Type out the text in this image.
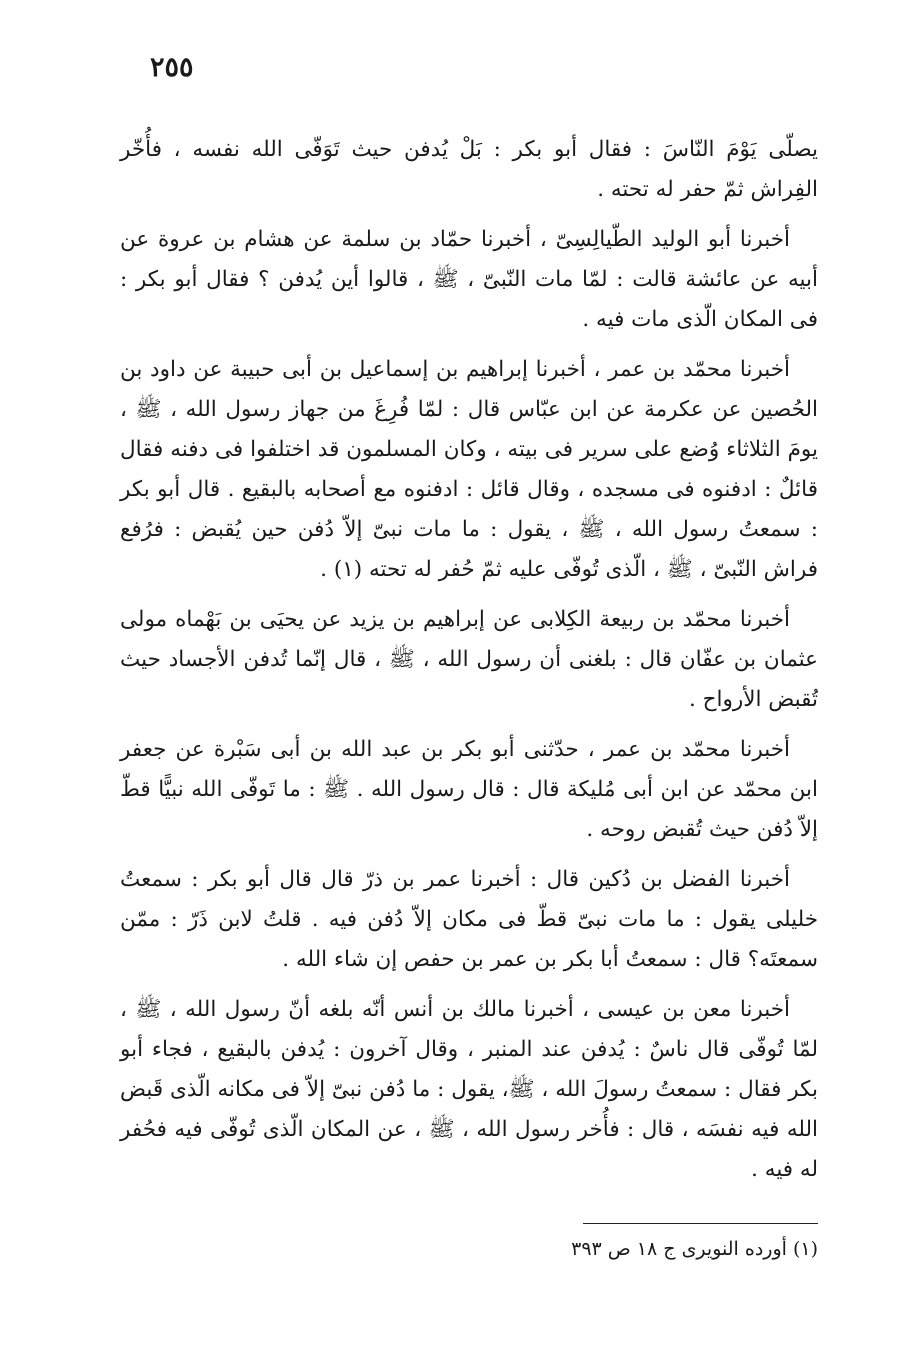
٢٥٥

يصلّى يَوْمَ النّاسَ : فقال أبو بكر : بَلْ يُدفن حيث تَوَفّى الله نفسه ، فأُخّر الفِراش ثمّ حفر له تحته .

أخبرنا أبو الوليد الطّيالِسِىّ ، أخبرنا حمّاد بن سلمة عن هشام بن عروة عن أبيه عن عائشة قالت : لمّا مات النّبىّ ، ﷺ ، قالوا أين يُدفن ؟ فقال أبو بكر : فى المكان الّذى مات فيه .

أخبرنا محمّد بن عمر ، أخبرنا إبراهيم بن إسماعيل بن أبى حبيبة عن داود بن الحُصين عن عكرمة عن ابن عبّاس قال : لمّا فُرِغَ من جهاز رسول الله ، ﷺ ، يومَ الثلاثاء وُضع على سرير فى بيته ، وكان المسلمون قد اختلفوا فى دفنه فقال قائلٌ : ادفنوه فى مسجده ، وقال قائل : ادفنوه مع أصحابه بالبقيع . قال أبو بكر : سمعتُ رسول الله ، ﷺ ، يقول : ما مات نبىّ إلاّ دُفن حين يُقبض : فرُفع فراش النّبىّ ، ﷺ ، الّذى تُوفّى عليه ثمّ حُفر له تحته (١) .

أخبرنا محمّد بن ربيعة الكِلابى عن إبراهيم بن يزيد عن يحيَى بن بَهْماه مولى عثمان بن عفّان قال : بلغنى أن رسول الله ، ﷺ ، قال إنّما تُدفن الأجساد حيث تُقبض الأرواح .

أخبرنا محمّد بن عمر ، حدّثنى أبو بكر بن عبد الله بن أبى سَبْرة عن جعفر ابن محمّد عن ابن أبى مُليكة قال : قال رسول الله . ﷺ : ما تَوفّى الله نبيًّا قطّ إلاّ دُفن حيث تُقبض روحه .

أخبرنا الفضل بن دُكين قال : أخبرنا عمر بن ذرّ قال قال أبو بكر : سمعتُ خليلى يقول : ما مات نبىّ قطّ فى مكان إلاّ دُفن فيه . قلتُ لابن ذَرّ : ممّن سمعتَه؟ قال : سمعتُ أبا بكر بن عمر بن حفص إن شاء الله .

أخبرنا معن بن عيسى ، أخبرنا مالك بن أنس أنّه بلغه أنّ رسول الله ، ﷺ ، لمّا تُوفّى قال ناسٌ : يُدفن عند المنبر ، وقال آخرون : يُدفن بالبقيع ، فجاء أبو بكر فقال : سمعتُ رسولَ الله ، ﷺ، يقول : ما دُفن نبىّ إلاّ فى مكانه الّذى قَبض الله فيه نفسَه ، قال : فأُخر رسول الله ، ﷺ ، عن المكان الّذى تُوفّى فيه فحُفر له فيه .

(١) أورده النويرى ج ١٨ ص ٣٩٣
